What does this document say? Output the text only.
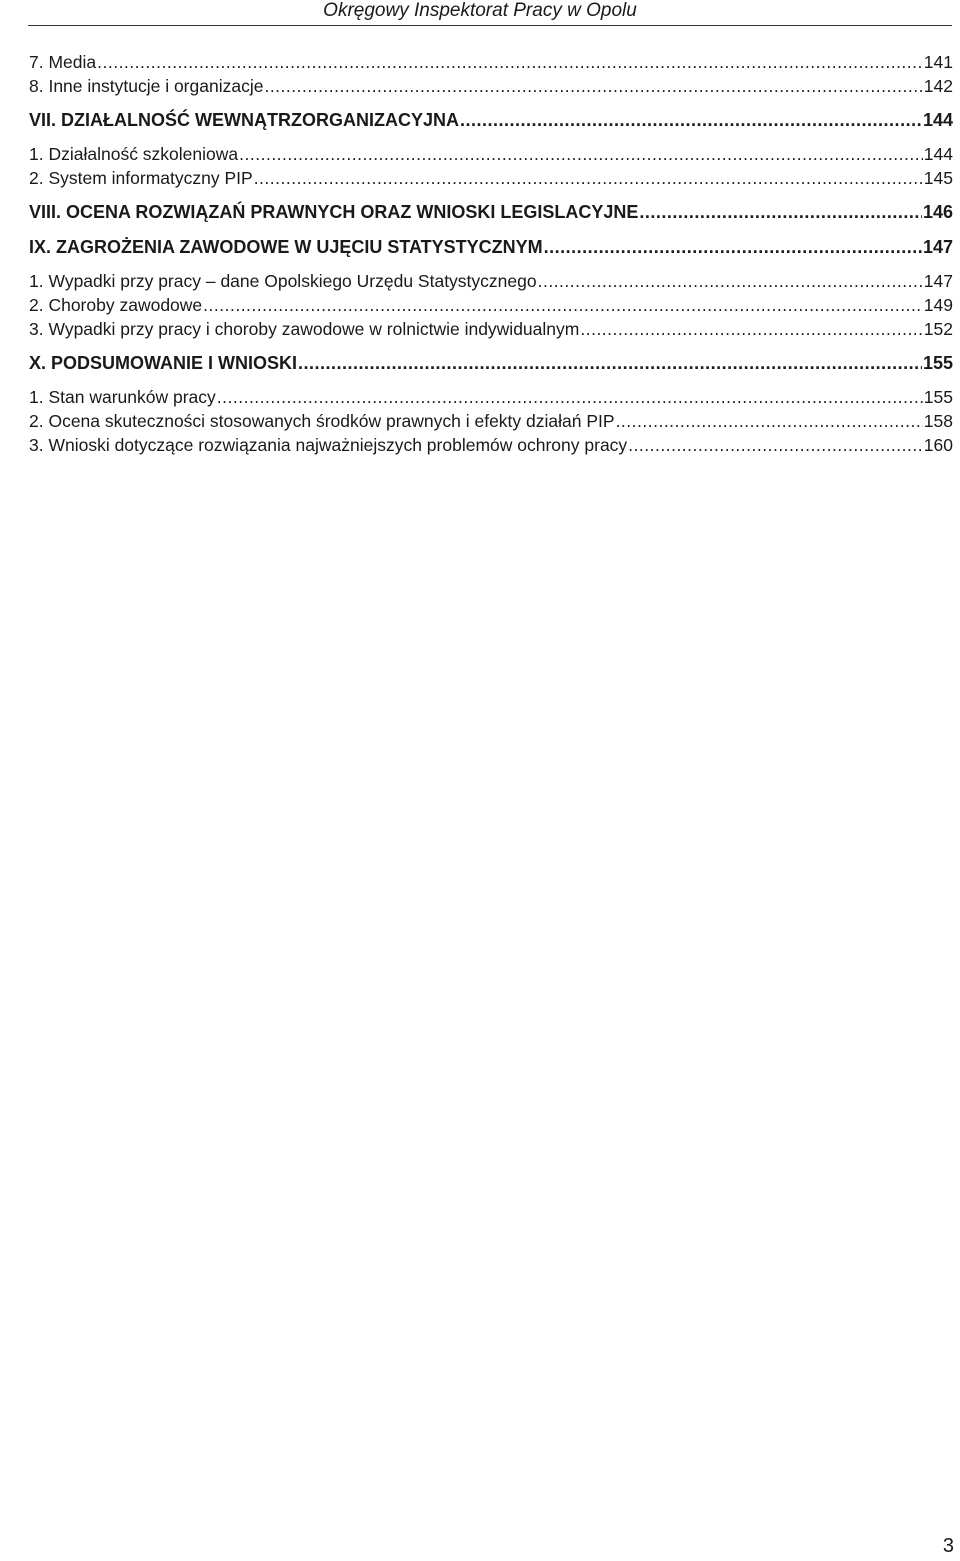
Okręgowy Inspektorat Pracy w Opolu
7. Media .....	141
8. Inne instytucje i organizacje .....	142
VII. DZIAŁALNOŚĆ WEWNĄTRZORGANIZACYJNA .....	144
1. Działalność szkoleniowa .....	144
2. System informatyczny PIP .....	145
VIII. OCENA ROZWIĄZAŃ PRAWNYCH ORAZ WNIOSKI LEGISLACYJNE .....	146
IX. ZAGROŻENIA ZAWODOWE W UJĘCIU STATYSTYCZNYM .....	147
1. Wypadki przy pracy – dane Opolskiego Urzędu Statystycznego .....	147
2. Choroby zawodowe .....	149
3. Wypadki przy pracy i choroby zawodowe w rolnictwie indywidualnym .....	152
X. PODSUMOWANIE I WNIOSKI .....	155
1. Stan warunków pracy .....	155
2. Ocena skuteczności stosowanych środków prawnych i efekty działań PIP .....	158
3. Wnioski dotyczące rozwiązania najważniejszych problemów ochrony pracy .....	160
3
